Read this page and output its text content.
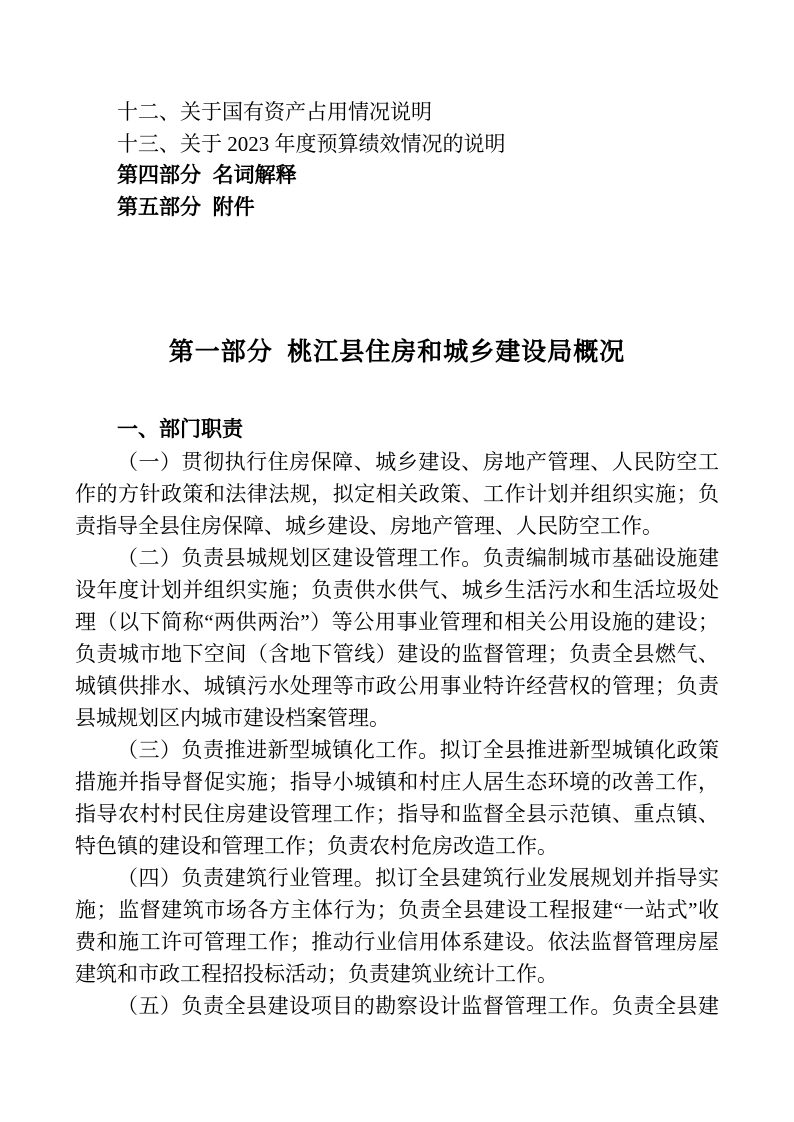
十二、关于国有资产占用情况说明
十三、关于 2023 年度预算绩效情况的说明
第四部分  名词解释
第五部分  附件
第一部分  桃江县住房和城乡建设局概况
一、部门职责

（一）贯彻执行住房保障、城乡建设、房地产管理、人民防空工作的方针政策和法律法规，拟定相关政策、工作计划并组织实施；负责指导全县住房保障、城乡建设、房地产管理、人民防空工作。

（二）负责县城规划区建设管理工作。负责编制城市基础设施建设年度计划并组织实施；负责供水供气、城乡生活污水和生活垃圾处理（以下简称“两供两治”）等公用事业管理和相关公用设施的建设；负责城市地下空间（含地下管线）建设的监督管理；负责全县燃气、城镇供排水、城镇污水处理等市政公用事业特许经营权的管理；负责县城规划区内城市建设档案管理。

（三）负责推进新型城镇化工作。拟订全县推进新型城镇化政策措施并指导督促实施；指导小城镇和村庄人居生态环境的改善工作，指导农村村民住房建设管理工作；指导和监督全县示范镇、重点镇、特色镇的建设和管理工作；负责农村危房改造工作。

（四）负责建筑行业管理。拟订全县建筑行业发展规划并指导实施；监督建筑市场各方主体行为；负责全县建设工程报建“一站式”收费和施工许可管理工作；推动行业信用体系建设。依法监督管理房屋建筑和市政工程招投标活动；负责建筑业统计工作。

（五）负责全县建设项目的勘察设计监督管理工作。负责全县建
